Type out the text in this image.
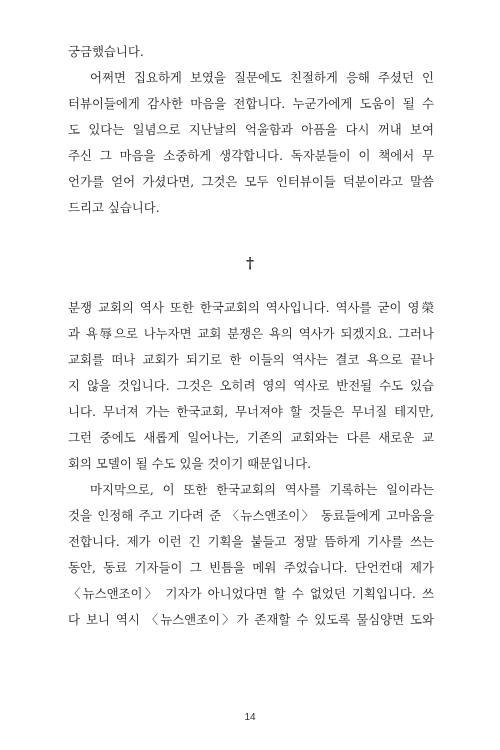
궁금했습니다.
어쩌면 집요하게 보였을 질문에도 친절하게 응해 주셨던 인
터뷰이들에게 감사한 마음을 전합니다. 누군가에게 도움이 될 수
도 있다는 일념으로 지난날의 억울함과 아픔을 다시 꺼내 보여
주신 그 마음을 소중하게 생각합니다. 독자분들이 이 책에서 무
언가를 얻어 가셨다면, 그것은 모두 인터뷰이들 덕분이라고 말씀
드리고 싶습니다.
†
분쟁 교회의 역사 또한 한국교회의 역사입니다. 역사를 굳이 영榮
과 욕辱으로 나누자면 교회 분쟁은 욕의 역사가 되겠지요. 그러나
교회를 떠나 교회가 되기로 한 이들의 역사는 결코 욕으로 끝나
지 않을 것입니다. 그것은 오히려 영의 역사로 반전될 수도 있습
니다. 무너져 가는 한국교회, 무너져야 할 것들은 무너질 테지만,
그런 중에도 새롭게 일어나는, 기존의 교회와는 다른 새로운 교
회의 모델이 될 수도 있을 것이기 때문입니다.
마지막으로, 이 또한 한국교회의 역사를 기록하는 일이라는
것을 인정해 주고 기다려 준 〈뉴스앤조이〉 동료들에게 고마움을
전합니다. 제가 이런 긴 기획을 붙들고 정말 뜸하게 기사를 쓰는
동안, 동료 기자들이 그 빈틈을 메워 주었습니다. 단언컨대 제가
〈뉴스앤조이〉 기자가 아니었다면 할 수 없었던 기획입니다. 쓰
다 보니 역시 〈뉴스앤조이〉가 존재할 수 있도록 물심양면 도와
14
